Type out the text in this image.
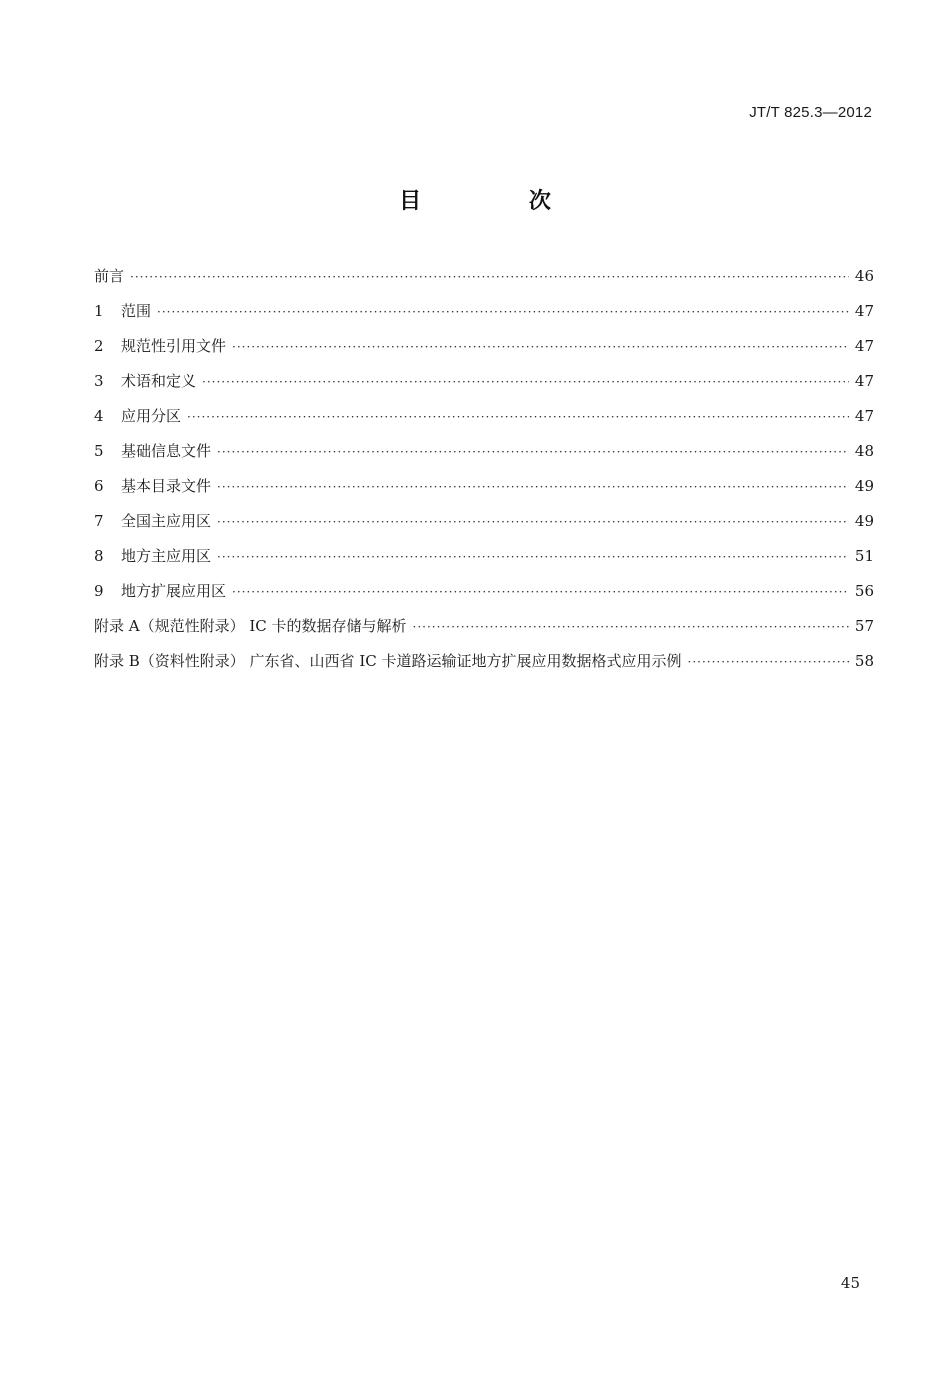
JT/T 825.3—2012
目 次
前言 ·····	46
1	范围 ·····	47
2	规范性引用文件 ·····	47
3	术语和定义 ·····	47
4	应用分区 ·····	47
5	基础信息文件 ·····	48
6	基本目录文件 ·····	49
7	全国主应用区 ·····	49
8	地方主应用区 ·····	51
9	地方扩展应用区 ·····	56
附录 A（规范性附录） IC 卡的数据存储与解析 ·····	57
附录 B（资料性附录） 广东省、山西省 IC 卡道路运输证地方扩展应用数据格式应用示例 ·····	58
45
